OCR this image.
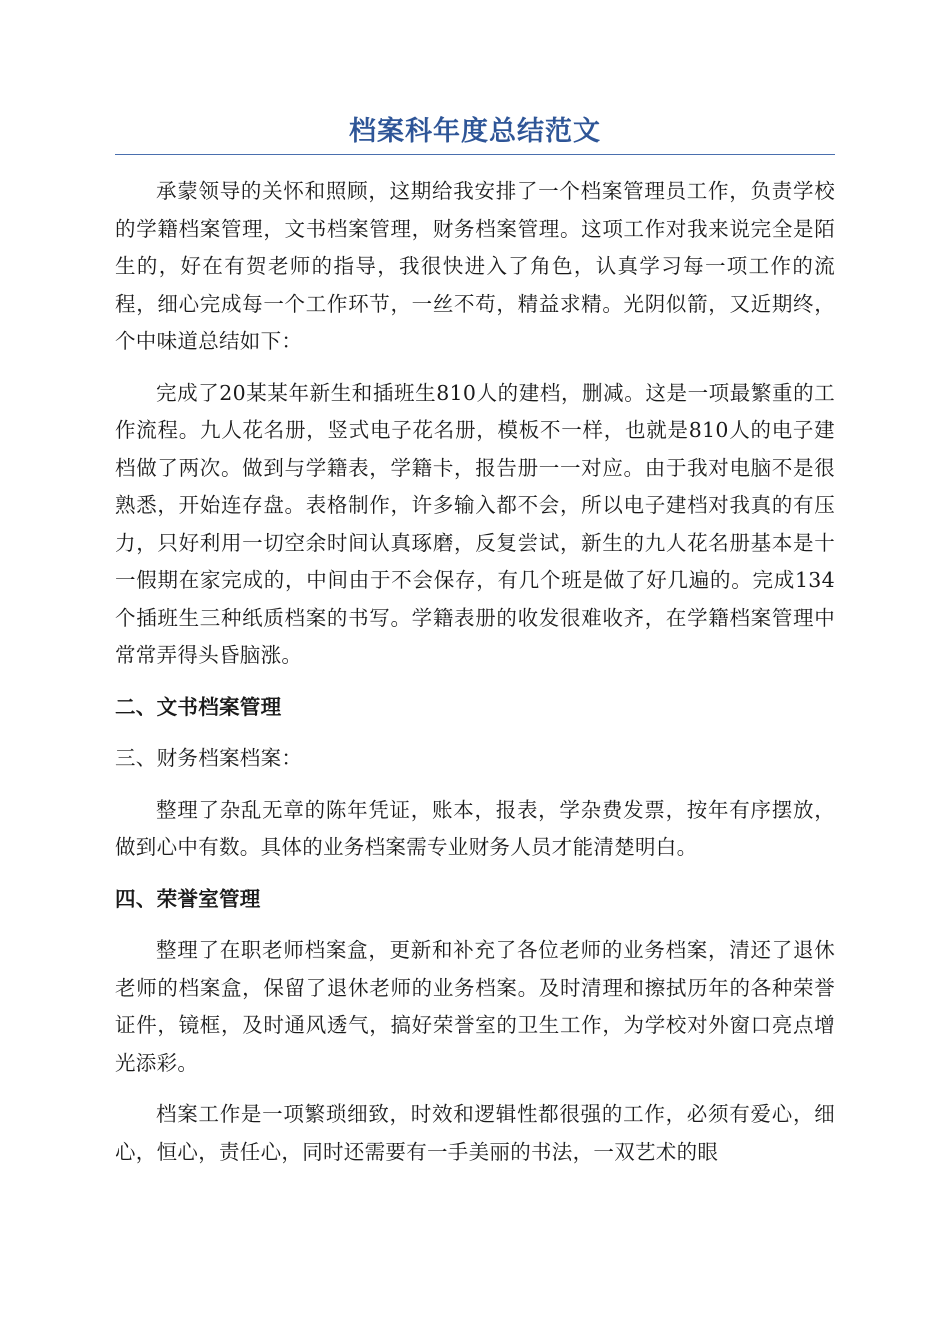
档案科年度总结范文

承蒙领导的关怀和照顾，这期给我安排了一个档案管理员工作，负责学校的学籍档案管理，文书档案管理，财务档案管理。这项工作对我来说完全是陌生的，好在有贺老师的指导，我很快进入了角色，认真学习每一项工作的流程，细心完成每一个工作环节，一丝不苟，精益求精。光阴似箭，又近期终，个中味道总结如下：

完成了20某某年新生和插班生810人的建档，删减。这是一项最繁重的工作流程。九人花名册，竖式电子花名册，模板不一样，也就是810人的电子建档做了两次。做到与学籍表，学籍卡，报告册一一对应。由于我对电脑不是很熟悉，开始连存盘。表格制作，许多输入都不会，所以电子建档对我真的有压力，只好利用一切空余时间认真琢磨，反复尝试，新生的九人花名册基本是十一假期在家完成的，中间由于不会保存，有几个班是做了好几遍的。完成134个插班生三种纸质档案的书写。学籍表册的收发很难收齐，在学籍档案管理中常常弄得头昏脑涨。

二、文书档案管理

三、财务档案档案：

整理了杂乱无章的陈年凭证，账本，报表，学杂费发票，按年有序摆放，做到心中有数。具体的业务档案需专业财务人员才能清楚明白。

四、荣誉室管理

整理了在职老师档案盒，更新和补充了各位老师的业务档案，清还了退休老师的档案盒，保留了退休老师的业务档案。及时清理和擦拭历年的各种荣誉证件，镜框，及时通风透气，搞好荣誉室的卫生工作，为学校对外窗口亮点增光添彩。

档案工作是一项繁琐细致，时效和逻辑性都很强的工作，必须有爱心，细心，恒心，责任心，同时还需要有一手美丽的书法，一双艺术的眼
